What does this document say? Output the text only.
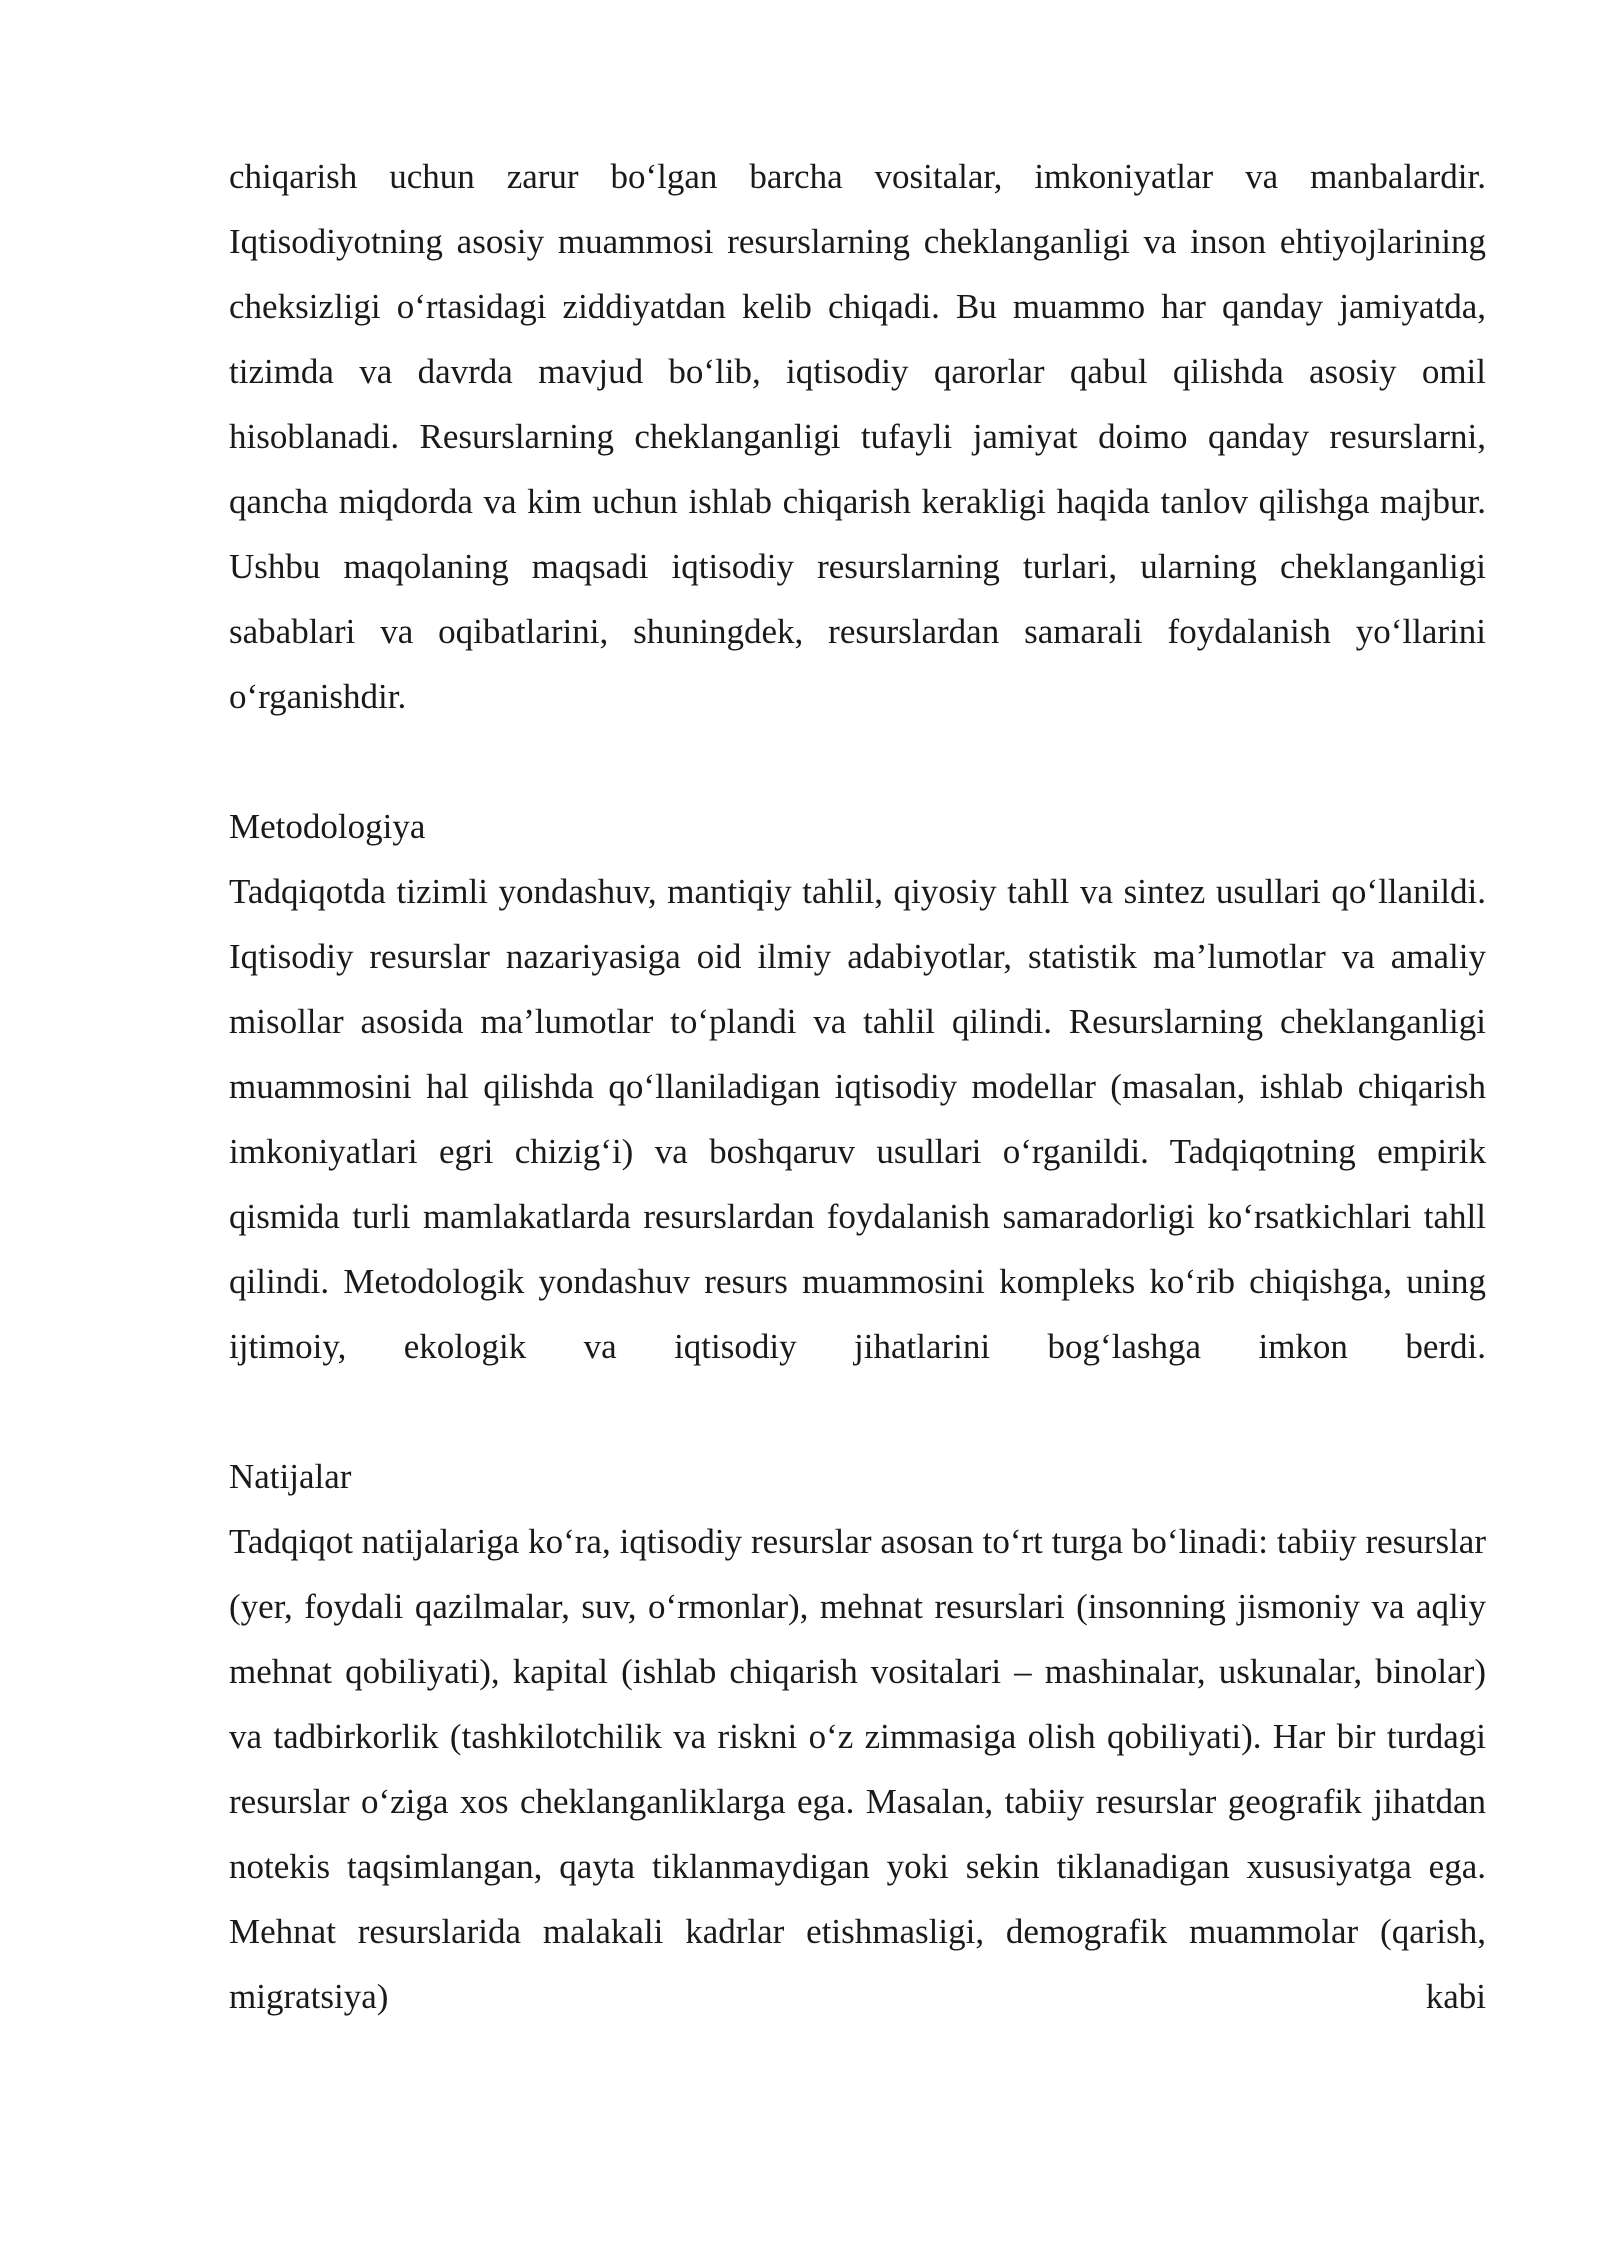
chiqarish uchun zarur bo‘lgan barcha vositalar, imkoniyatlar va manbalardir. Iqtisodiyotning asosiy muammosi resurslarning cheklanganligi va inson ehtiyojlarining cheksizligi o‘rtasidagi ziddiyatdan kelib chiqadi. Bu muammo har qanday jamiyatda, tizimda va davrda mavjud bo‘lib, iqtisodiy qarorlar qabul qilishda asosiy omil hisoblanadi. Resurslarning cheklanganligi tufayli jamiyat doimo qanday resurslarni, qancha miqdorda va kim uchun ishlab chiqarish kerakligi haqida tanlov qilishga majbur. Ushbu maqolaning maqsadi iqtisodiy resurslarning turlari, ularning cheklanganligi sabablari va oqibatlarini, shuningdek, resurslardan samarali foydalanish yo‘llarini o‘rganishdir.

Metodologiya

Tadqiqotda tizimli yondashuv, mantiqiy tahlil, qiyosiy tahll va sintez usullari qo‘llanildi. Iqtisodiy resurslar nazariyasiga oid ilmiy adabiyotlar, statistik ma’lumotlar va amaliy misollar asosida ma’lumotlar to‘plandi va tahlil qilindi. Resurslarning cheklanganligi muammosini hal qilishda qo‘llaniladigan iqtisodiy modellar (masalan, ishlab chiqarish imkoniyatlari egri chizig‘i) va boshqaruv usullari o‘rganildi. Tadqiqotning empirik qismida turli mamlakatlarda resurslardan foydalanish samaradorligi ko‘rsatkichlari tahll qilindi. Metodologik yondashuv resurs muammosini kompleks ko‘rib chiqishga, uning ijtimoiy, ekologik va iqtisodiy jihatlarini bog‘lashga imkon berdi.

Natijalar

Tadqiqot natijalariga ko‘ra, iqtisodiy resurslar asosan to‘rt turga bo‘linadi: tabiiy resurslar (yer, foydali qazilmalar, suv, o‘rmonlar), mehnat resurslari (insonning jismoniy va aqliy mehnat qobiliyati), kapital (ishlab chiqarish vositalari – mashinalar, uskunalar, binolar) va tadbirkorlik (tashkilotchilik va riskni o‘z zimmasiga olish qobiliyati). Har bir turdagi resurslar o‘ziga xos cheklanganliklarga ega. Masalan, tabiiy resurslar geografik jihatdan notekis taqsimlangan, qayta tiklanmaydigan yoki sekin tiklanadigan xususiyatga ega. Mehnat resurslarida malakali kadrlar etishmasligi, demografik muammolar (qarish, migratsiya) kabi
